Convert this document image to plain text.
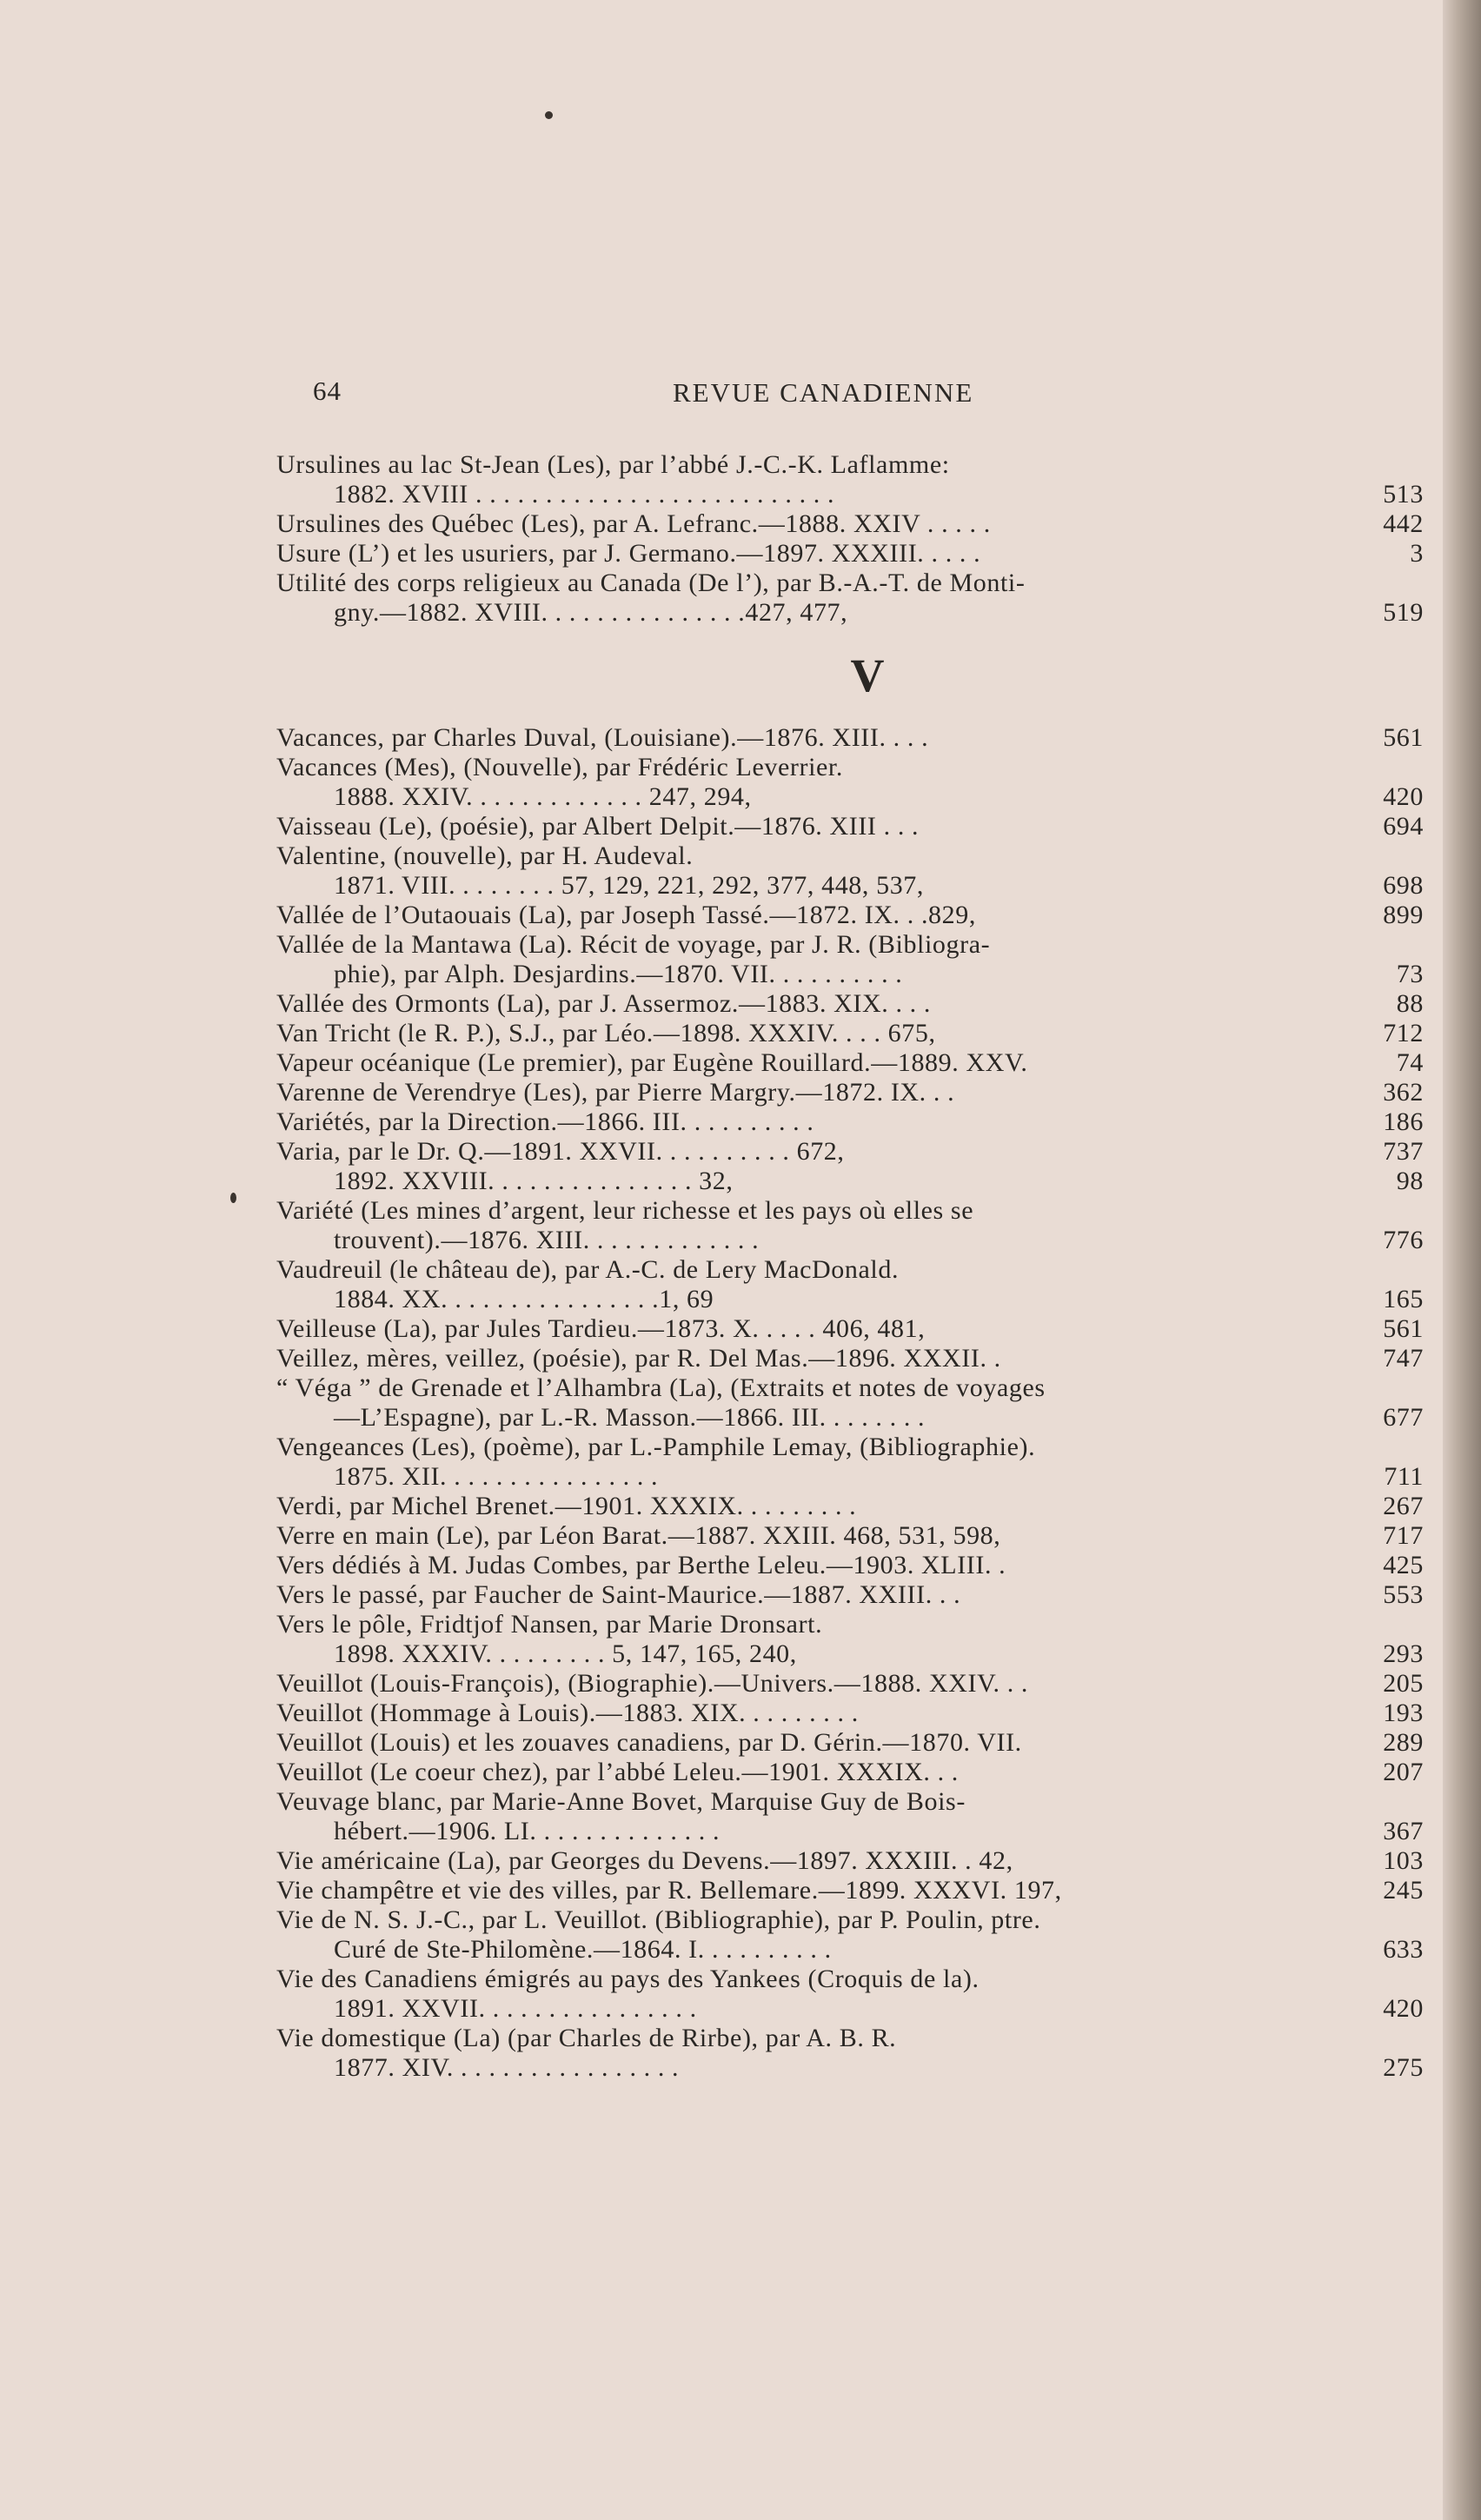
64	REVUE CANADIENNE
Ursulines au lac St-Jean (Les), par l’abbé J.-C.-K. Laflamme:
1882. XVIII . . . . . . . . . . . . . . . . . . . . . . . . . .	513
Ursulines des Québec (Les), par A. Lefranc.—1888. XXIV . . . . .	442
Usure (L’) et les usuriers, par J. Germano.—1897. XXXIII. . . . .	3
Utilité des corps religieux au Canada (De l’), par B.-A.-T. de Monti-
gny.—1882. XVIII. . . . . . . . . . . . . . .427, 477,	519
V
Vacances, par Charles Duval, (Louisiane).—1876. XIII. . . .	561
Vacances (Mes), (Nouvelle), par Frédéric Leverrier.
1888. XXIV. . . . . . . . . . . . . 247, 294,	420
Vaisseau (Le), (poésie), par Albert Delpit.—1876. XIII . . .	694
Valentine, (nouvelle), par H. Audeval.
1871. VIII. . . . . . . . 57, 129, 221, 292, 377, 448, 537,	698
Vallée de l’Outaouais (La), par Joseph Tassé.—1872. IX. . .829,	899
Vallée de la Mantawa (La). Récit de voyage, par J. R. (Bibliogra-
phie), par Alph. Desjardins.—1870. VII. . . . . . . . . .	73
Vallée des Ormonts (La), par J. Assermoz.—1883. XIX. . . .	88
Van Tricht (le R. P.), S.J., par Léo.—1898. XXXIV. . . . 675,	712
Vapeur océanique (Le premier), par Eugène Rouillard.—1889. XXV.	74
Varenne de Verendrye (Les), par Pierre Margry.—1872. IX. . .	362
Variétés, par la Direction.—1866. III. . . . . . . . . .	186
Varia, par le Dr. Q.—1891. XXVII. . . . . . . . . . 672,	737
1892. XXVIII. . . . . . . . . . . . . . . 32,	98
Variété (Les mines d’argent, leur richesse et les pays où elles se
trouvent).—1876. XIII. . . . . . . . . . . . .	776
Vaudreuil (le château de), par A.-C. de Lery MacDonald.
1884. XX. . . . . . . . . . . . . . . .1, 69	165
Veilleuse (La), par Jules Tardieu.—1873. X. . . . . 406, 481,	561
Veillez, mères, veillez, (poésie), par R. Del Mas.—1896. XXXII. .	747
“ Véga ” de Grenade et l’Alhambra (La), (Extraits et notes de voyages
—L’Espagne), par L.-R. Masson.—1866. III. . . . . . . .	677
Vengeances (Les), (poème), par L.-Pamphile Lemay, (Bibliographie).
1875. XII. . . . . . . . . . . . . . . .	711
Verdi, par Michel Brenet.—1901. XXXIX. . . . . . . . .	267
Verre en main (Le), par Léon Barat.—1887. XXIII. 468, 531, 598,	717
Vers dédiés à M. Judas Combes, par Berthe Leleu.—1903. XLIII. .	425
Vers le passé, par Faucher de Saint-Maurice.—1887. XXIII. . .	553
Vers le pôle, Fridtjof Nansen, par Marie Dronsart.
1898. XXXIV. . . . . . . . . 5, 147, 165, 240,	293
Veuillot (Louis-François), (Biographie).—Univers.—1888. XXIV. . .	205
Veuillot (Hommage à Louis).—1883. XIX. . . . . . . . .	193
Veuillot (Louis) et les zouaves canadiens, par D. Gérin.—1870. VII.	289
Veuillot (Le coeur chez), par l’abbé Leleu.—1901. XXXIX. . .	207
Veuvage blanc, par Marie-Anne Bovet, Marquise Guy de Bois-
hébert.—1906. LI. . . . . . . . . . . . . .	367
Vie américaine (La), par Georges du Devens.—1897. XXXIII. . 42,	103
Vie champêtre et vie des villes, par R. Bellemare.—1899. XXXVI. 197,	245
Vie de N. S. J.-C., par L. Veuillot. (Bibliographie), par P. Poulin, ptre.
Curé de Ste-Philomène.—1864. I. . . . . . . . . .	633
Vie des Canadiens émigrés au pays des Yankees (Croquis de la).
1891. XXVII. . . . . . . . . . . . . . . .	420
Vie domestique (La) (par Charles de Rirbe), par A. B. R.
1877. XIV. . . . . . . . . . . . . . . . .	275
